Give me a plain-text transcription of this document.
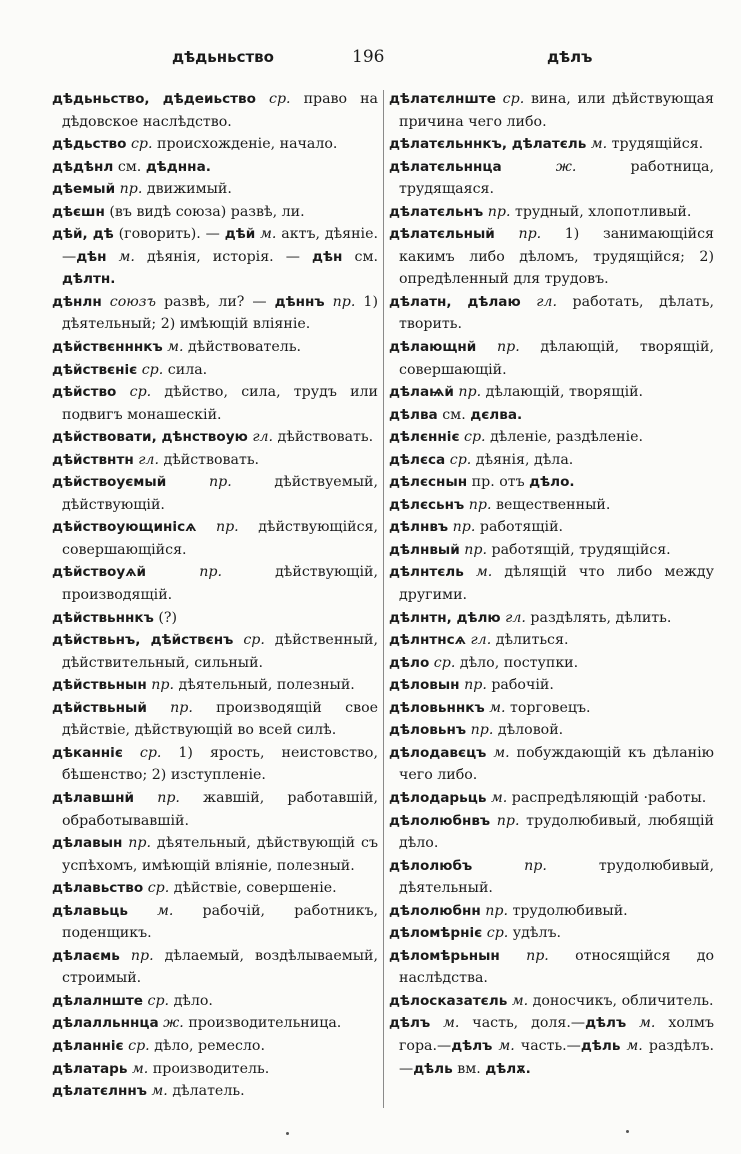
дѣдьньство	196	дѣлъ

дѣдьньство, дѣдеиьство ср. право на дѣдовское наслѣдство.

дѣдьство ср. происхожденіе, начало.

дѣдѣнл см. дѣднна.

дѣемый пр. движимый.

дѣєшн (въ видѣ союза) развѣ, ли.

дѣй, дѣ (говорить). — дѣй м. актъ, дѣяніе.—дѣн м. дѣянія, исторія. — дѣн см. дѣлтн.

дѣнлн союзъ развѣ, ли? — дѣннъ пр. 1) дѣятельный; 2) имѣющій вліяніе.

дѣйствєнннкъ м. дѣйствователь.

дѣйствєніє ср. сила.

дѣйство ср. дѣйство, сила, трудъ или подвигъ монашескій.

дѣйствовати, дѣнствоую гл. дѣйствовать.

дѣйствнтн гл. дѣйствовать.

дѣйствоуємый	пр. дѣйствуемый, дѣйствующій.

дѣйствоующинісѧ пр. дѣйствующійся, совершающійся.

дѣйствоуѧй	пр. дѣйствующій, производящій.

дѣйствьннкъ (?)

дѣйствьнъ, дѣйствєнъ ср. дѣйственный, дѣйствительный, сильный.

дѣйствьнын пр. дѣятельный, полезный.

дѣйствьный пр. производящій свое дѣйствіе, дѣйствующій во всей силѣ.

дѣканніє ср. 1) ярость, неистовство, бѣшенство; 2) изступленіе.

дѣлавшнй пр. жавшій, работавшій, обработывавшій.

дѣлавын пр. дѣятельный, дѣйствующій съ успѣхомъ, имѣющій вліяніе, полезный.

дѣлавьство ср. дѣйствіе, совершеніе.

дѣлавьць м. рабочій, работникъ, поденщикъ.

дѣлаємь пр. дѣлаемый, воздѣлываемый, строимый.

дѣлалнште ср. дѣло.

дѣлалльннца ж. производительница.

дѣланніє ср. дѣло, ремесло.

дѣлатарь м. производитель.

дѣлатєлннъ м. дѣлатель.

дѣлатєлнште ср. вина, или дѣйствующая причина чего либо.

дѣлатєльннкъ, дѣлатєль м. трудящійся.

дѣлатєльннца	ж. работница, трудящаяся.

дѣлатєльнъ пр. трудный, хлопотливый.

дѣлатєльный пр. 1) занимающійся какимъ либо дѣломъ, трудящійся; 2) опредѣленный для трудовъ.

дѣлатн, дѣлаю гл. работать, дѣлать, творить.

дѣлающнй пр. дѣлающій, творящій, совершающій.

дѣлаѩй пр. дѣлающій, творящій.

дѣлва см. дєлва.

дѣлєнніє ср. дѣленіе, раздѣленіе.

дѣлєса ср. дѣянія, дѣла.

дѣлєснын пр. отъ дѣло.

дѣлєсьнъ пр. вещественный.

дѣлнвъ пр. работящій.

дѣлнвый пр. работящій, трудящійся.

дѣлнтєль м. дѣлящій что либо между другими.

дѣлнтн, дѣлю гл. раздѣлять, дѣлить.

дѣлнтнсѧ гл. дѣлиться.

дѣло ср. дѣло, поступки.

дѣловын пр. рабочій.

дѣловьннкъ м. торговецъ.

дѣловьнъ пр. дѣловой.

дѣлодавєцъ м. побуждающій къ дѣланію чего либо.

дѣлодарьць м. распредѣляющій ·работы.

дѣлолюбнвъ пр. трудолюбивый, любящій дѣло.

дѣлолюбъ	пр. трудолюбивый, дѣятельный.

дѣлолюбнн пр. трудолюбивый.

дѣломѣрніє ср. удѣлъ.

дѣломѣрьнын пр. относящійся до наслѣдства.

дѣлосказатєль м. доносчикъ, обличитель.

дѣлъ м. часть, доля.—дѣлъ м. холмъ гора.—дѣлъ м. часть.—дѣль м. раздѣлъ.—дѣль вм. дѣлѫ.
